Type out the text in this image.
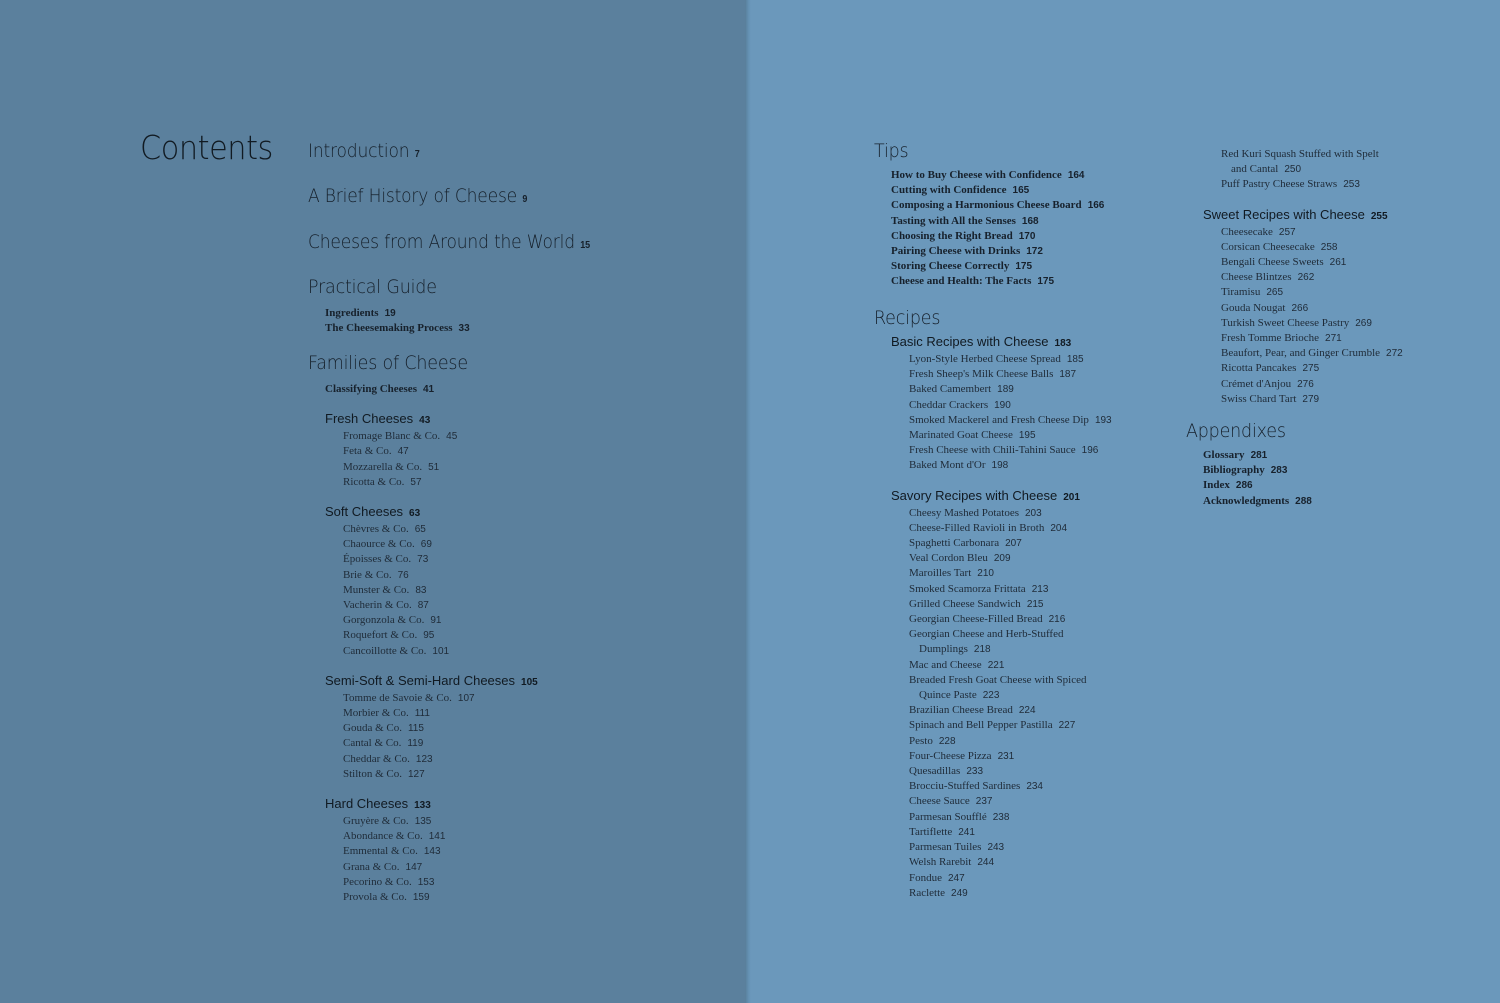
Contents Introduction 7
A Brief History of Cheese 9
Cheeses from Around the World 15
Practical Guide
Ingredients 19
The Cheesemaking Process 33
Families of Cheese
Classifying Cheeses 41
Fresh Cheeses 43
Fromage Blanc & Co. 45
Feta & Co. 47
Mozzarella & Co. 51
Ricotta & Co. 57
Soft Cheeses 63
Chèvres & Co. 65
Chaource & Co. 69
Époisses & Co. 73
Brie & Co. 76
Munster & Co. 83
Vacherin & Co. 87
Gorgonzola & Co. 91
Roquefort & Co. 95
Cancoillotte & Co. 101
Semi-Soft & Semi-Hard Cheeses 105
Tomme de Savoie & Co. 107
Morbier & Co. 111
Gouda & Co. 115
Cantal & Co. 119
Cheddar & Co. 123
Stilton & Co. 127
Hard Cheeses 133
Gruyère & Co. 135
Abondance & Co. 141
Emmental & Co. 143
Grana & Co. 147
Pecorino & Co. 153
Provola & Co. 159
Tips
How to Buy Cheese with Confidence 164
Cutting with Confidence 165
Composing a Harmonious Cheese Board 166
Tasting with All the Senses 168
Choosing the Right Bread 170
Pairing Cheese with Drinks 172
Storing Cheese Correctly 175
Cheese and Health: The Facts 175
Recipes
Basic Recipes with Cheese 183
Lyon-Style Herbed Cheese Spread 185
Fresh Sheep's Milk Cheese Balls 187
Baked Camembert 189
Cheddar Crackers 190
Smoked Mackerel and Fresh Cheese Dip 193
Marinated Goat Cheese 195
Fresh Cheese with Chili-Tahini Sauce 196
Baked Mont d'Or 198
Savory Recipes with Cheese 201
Cheesy Mashed Potatoes 203
Cheese-Filled Ravioli in Broth 204
Spaghetti Carbonara 207
Veal Cordon Bleu 209
Maroilles Tart 210
Smoked Scamorza Frittata 213
Grilled Cheese Sandwich 215
Georgian Cheese-Filled Bread 216
Georgian Cheese and Herb-Stuffed
Dumplings 218
Mac and Cheese 221
Breaded Fresh Goat Cheese with Spiced
Quince Paste 223
Brazilian Cheese Bread 224
Spinach and Bell Pepper Pastilla 227
Pesto 228
Four-Cheese Pizza 231
Quesadillas 233
Brocciu-Stuffed Sardines 234
Cheese Sauce 237
Parmesan Soufflé 238
Tartiflette 241
Parmesan Tuiles 243
Welsh Rarebit 244
Fondue 247
Raclette 249
Red Kuri Squash Stuffed with Spelt
and Cantal 250
Puff Pastry Cheese Straws 253
Sweet Recipes with Cheese 255
Cheesecake 257
Corsican Cheesecake 258
Bengali Cheese Sweets 261
Cheese Blintzes 262
Tiramisu 265
Gouda Nougat 266
Turkish Sweet Cheese Pastry 269
Fresh Tomme Brioche 271
Beaufort, Pear, and Ginger Crumble 272
Ricotta Pancakes 275
Crémet d'Anjou 276
Swiss Chard Tart 279
Appendixes
Glossary 281
Bibliography 283
Index 286
Acknowledgments 288
